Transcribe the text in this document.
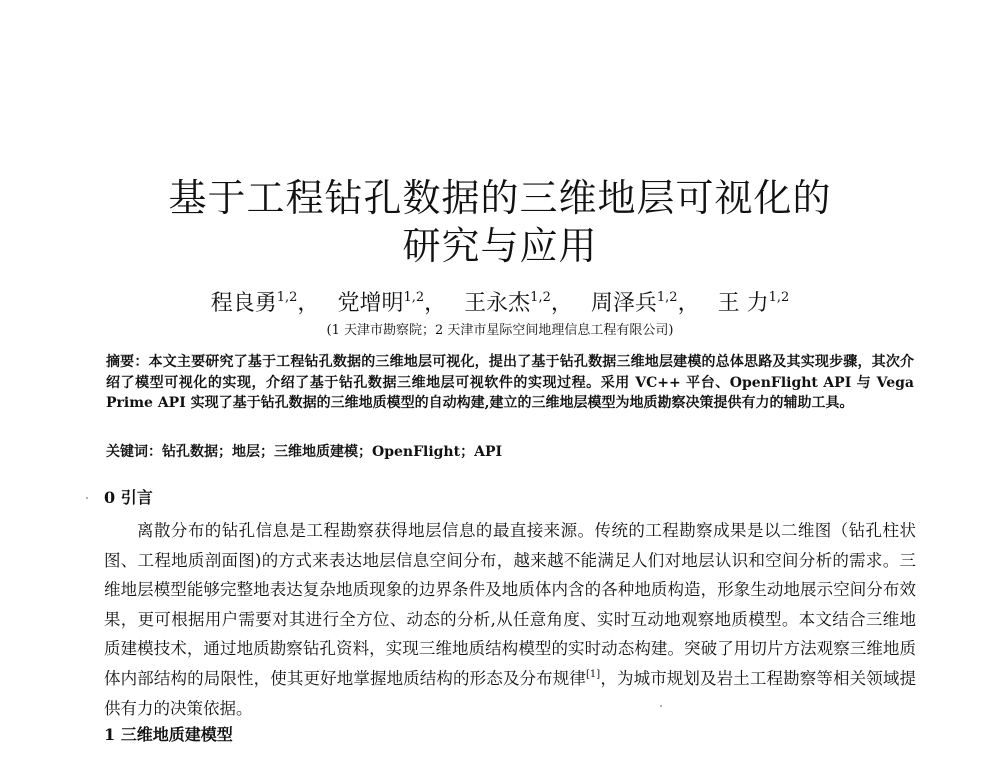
基于工程钻孔数据的三维地层可视化的
研究与应用
程良勇$^{1,2}$， 党增明$^{1,2}$， 王永杰$^{1,2}$， 周泽兵$^{1,2}$， 王 力$^{1,2}$
(1 天津市勘察院；2 天津市星际空间地理信息工程有限公司)
摘要：本文主要研究了基于工程钻孔数据的三维地层可视化，提出了基于钻孔数据三维地层建模的总体思路及其实现步骤，其次介绍了模型可视化的实现，介绍了基于钻孔数据三维地层可视软件的实现过程。采用 VC++ 平台、OpenFlight API 与 Vega Prime API 实现了基于钻孔数据的三维地质模型的自动构建,建立的三维地层模型为地质勘察决策提供有力的辅助工具。
关键词：钻孔数据；地层；三维地质建模；OpenFlight；API
0 引言
离散分布的钻孔信息是工程勘察获得地层信息的最直接来源。传统的工程勘察成果是以二维图（钻孔柱状图、工程地质剖面图)的方式来表达地层信息空间分布，越来越不能满足人们对地层认识和空间分析的需求。三维地层模型能够完整地表达复杂地质现象的边界条件及地质体内含的各种地质构造，形象生动地展示空间分布效果，更可根据用户需要对其进行全方位、动态的分析,从任意角度、实时互动地观察地质模型。本文结合三维地质建模技术，通过地质勘察钻孔资料，实现三维地质结构模型的实时动态构建。突破了用切片方法观察三维地质体内部结构的局限性，使其更好地掌握地质结构的形态及分布规律[1]，为城市规划及岩土工程勘察等相关领域提供有力的决策依据。
1 三维地质建模型
